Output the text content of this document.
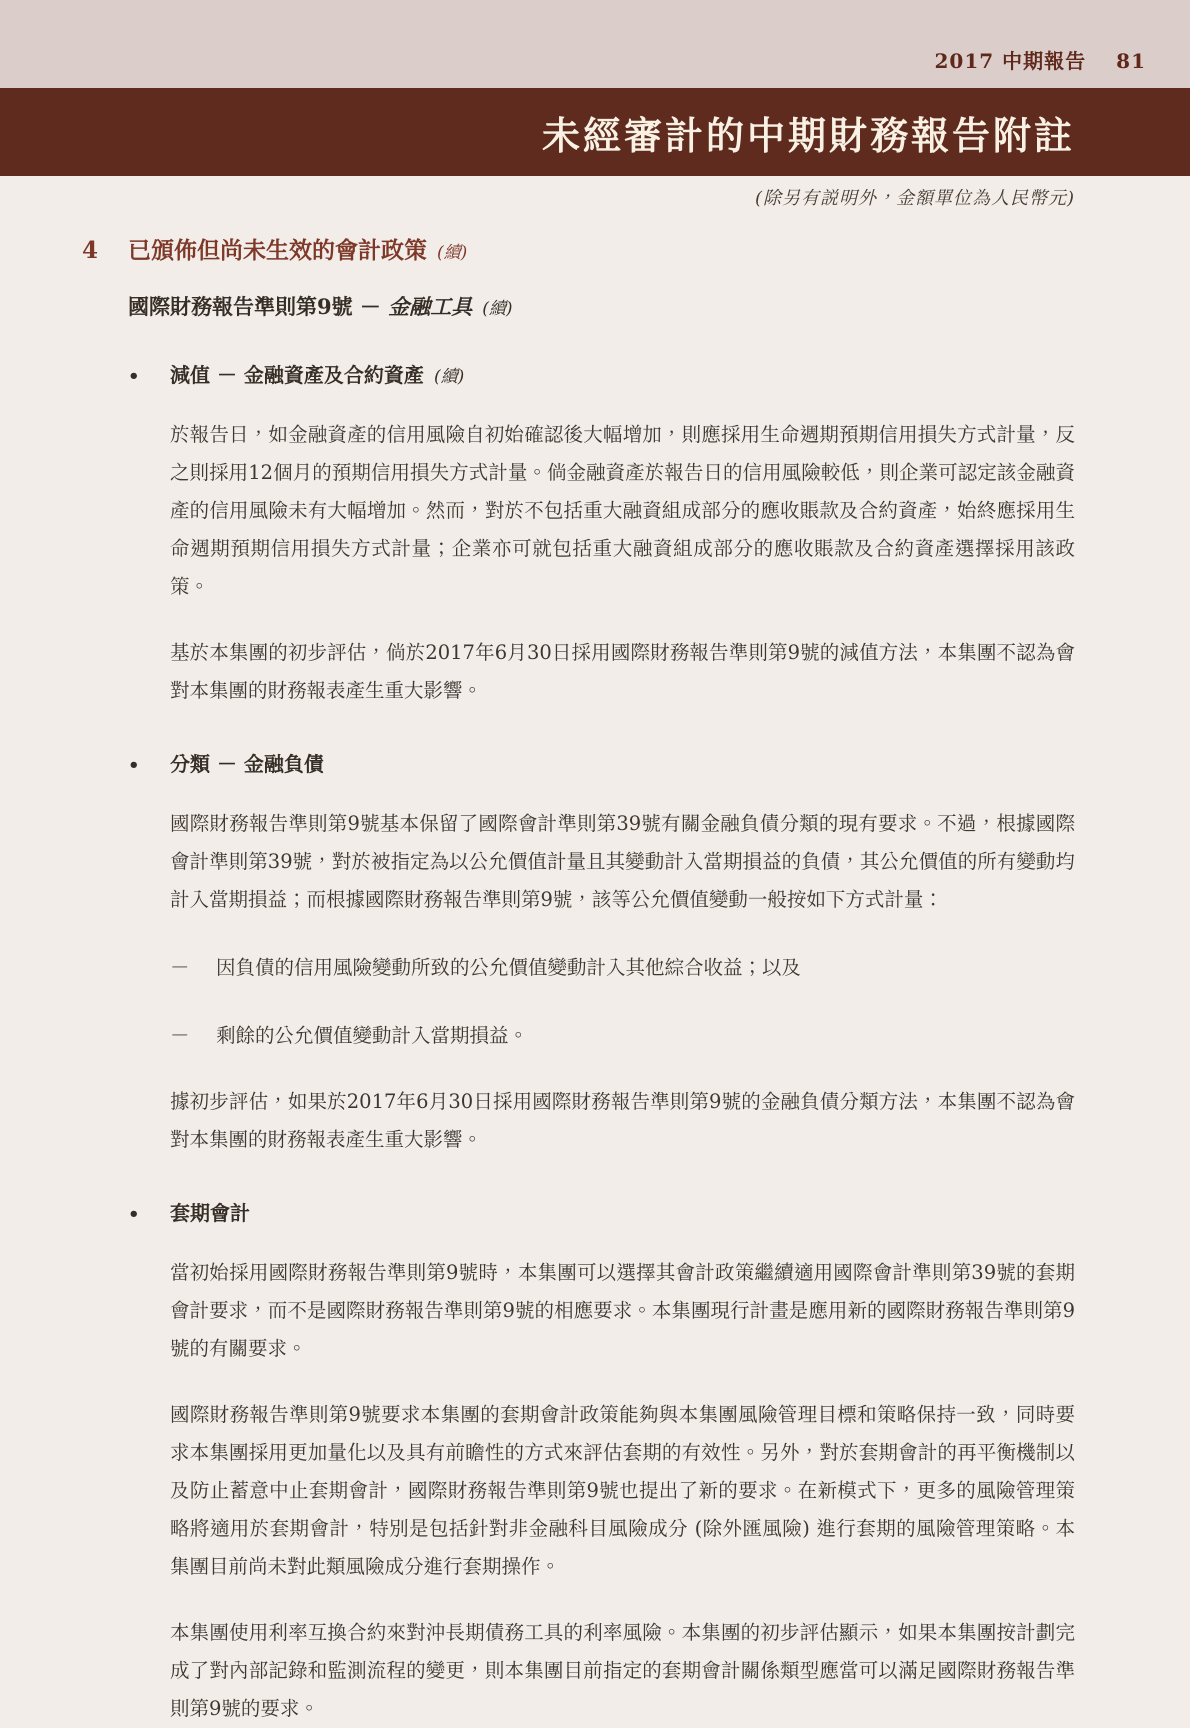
2017 中期報告 81
未經審計的中期財務報告附註
(除另有説明外，金額單位為人民幣元)
4	已頒佈但尚未生效的會計政策 (續)
國際財務報告準則第9號 － 金融工具 (續)
•	減值 － 金融資產及合約資產 (續)

於報告日，如金融資產的信用風險自初始確認後大幅增加，則應採用生命週期預期信用損失方式計量，反之則採用12個月的預期信用損失方式計量。倘金融資產於報告日的信用風險較低，則企業可認定該金融資產的信用風險未有大幅增加。然而，對於不包括重大融資組成部分的應收賬款及合約資產，始終應採用生命週期預期信用損失方式計量；企業亦可就包括重大融資組成部分的應收賬款及合約資產選擇採用該政策。

基於本集團的初步評估，倘於2017年6月30日採用國際財務報告準則第9號的減值方法，本集團不認為會對本集團的財務報表產生重大影響。

•	分類 － 金融負債

國際財務報告準則第9號基本保留了國際會計準則第39號有關金融負債分類的現有要求。不過，根據國際會計準則第39號，對於被指定為以公允價值計量且其變動計入當期損益的負債，其公允價值的所有變動均計入當期損益；而根據國際財務報告準則第9號，該等公允價值變動一般按如下方式計量：

－	因負債的信用風險變動所致的公允價值變動計入其他綜合收益；以及
－	剩餘的公允價值變動計入當期損益。

據初步評估，如果於2017年6月30日採用國際財務報告準則第9號的金融負債分類方法，本集團不認為會對本集團的財務報表產生重大影響。

•	套期會計

當初始採用國際財務報告準則第9號時，本集團可以選擇其會計政策繼續適用國際會計準則第39號的套期會計要求，而不是國際財務報告準則第9號的相應要求。本集團現行計畫是應用新的國際財務報告準則第9號的有關要求。

國際財務報告準則第9號要求本集團的套期會計政策能夠與本集團風險管理目標和策略保持一致，同時要求本集團採用更加量化以及具有前瞻性的方式來評估套期的有效性。另外，對於套期會計的再平衡機制以及防止蓄意中止套期會計，國際財務報告準則第9號也提出了新的要求。在新模式下，更多的風險管理策略將適用於套期會計，特別是包括針對非金融科目風險成分 (除外匯風險) 進行套期的風險管理策略。本集團目前尚未對此類風險成分進行套期操作。

本集團使用利率互換合約來對沖長期債務工具的利率風險。本集團的初步評估顯示，如果本集團按計劃完成了對內部記錄和監測流程的變更，則本集團目前指定的套期會計關係類型應當可以滿足國際財務報告準則第9號的要求。
